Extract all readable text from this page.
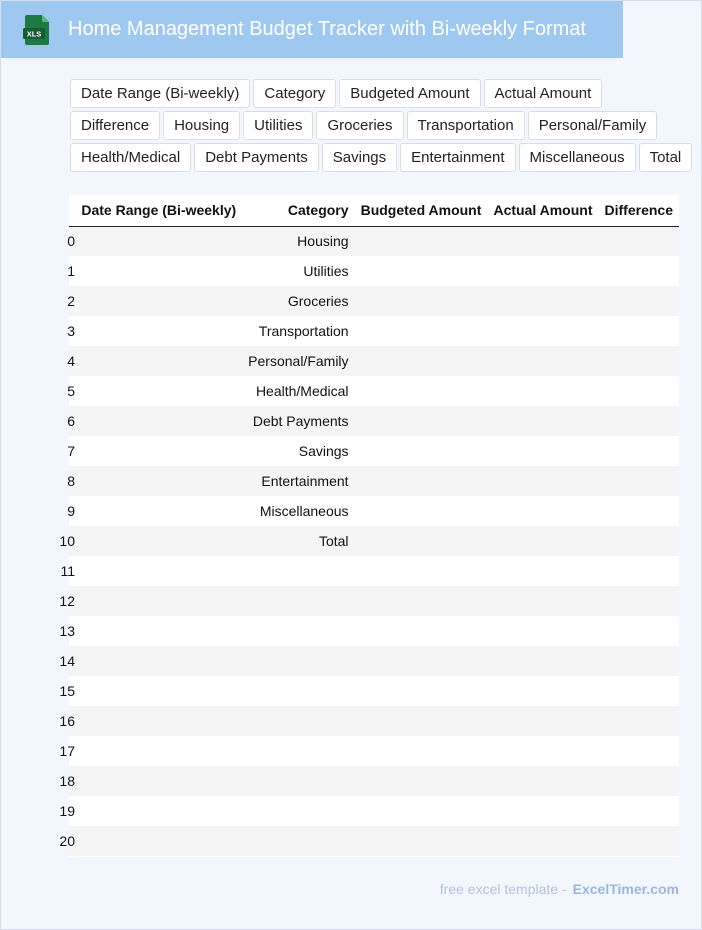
XLS Home Management Budget Tracker with Bi-weekly Format
Date Range (Bi-weekly)	Category	Budgeted Amount	Actual Amount
Difference	Housing	Utilities	Groceries	Transportation	Personal/Family
Health/Medical	Debt Payments	Savings	Entertainment	Miscellaneous	Total
	Date Range (Bi-weekly)	Category	Budgeted Amount	Actual Amount	Difference

0		Housing			

1		Utilities			

2		Groceries			

3		Transportation			

4		Personal/Family			

5		Health/Medical			

6		Debt Payments			

7		Savings			

8		Entertainment			

9		Miscellaneous			

10		Total			

11					

12					

13					

14					

15					

16					

17					

18					

19					

20					

free excel template - ExcelTimer.com
